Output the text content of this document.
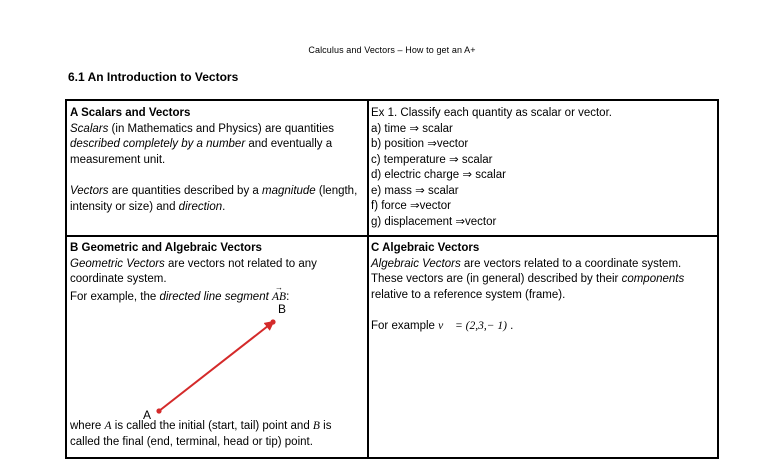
Calculus and Vectors – How to get an A+
6.1 An Introduction to Vectors
A Scalars and Vectors
Scalars (in Mathematics and Physics) are quantities described completely by a number and eventually a measurement unit.
Vectors are quantities described by a magnitude (length, intensity or size) and direction.
Ex 1. Classify each quantity as scalar or vector.
a) time ⇒ scalar
b) position ⇒vector
c) temperature ⇒ scalar
d) electric charge ⇒ scalar
e) mass ⇒ scalar
f) force ⇒vector
g) displacement ⇒vector
B Geometric and Algebraic Vectors
Geometric Vectors are vectors not related to any coordinate system.
For example, the directed line segment
→
AB:
A
B
where A is called the initial (start, tail) point and B is called the final (end, terminal, head or tip) point.
C Algebraic Vectors
Algebraic Vectors are vectors related to a coordinate system.
These vectors are (in general) described by their components relative to a reference system (frame).
For example v⃗ = (2,3,− 1) .
